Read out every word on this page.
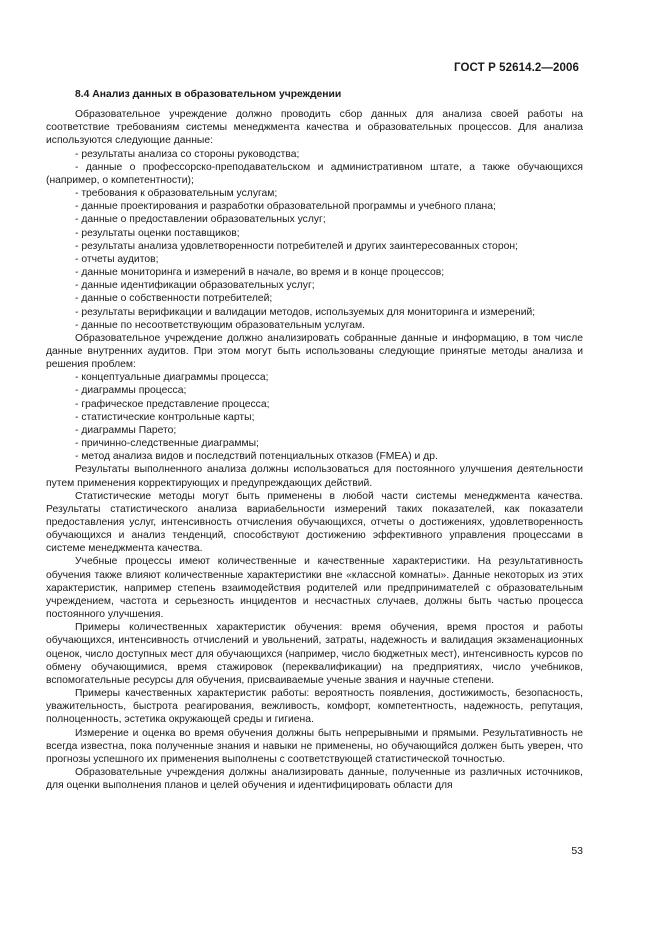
ГОСТ Р 52614.2—2006
8.4 Анализ данных в образовательном учреждении

Образовательное учреждение должно проводить сбор данных для анализа своей работы на соответствие требованиям системы менеджмента качества и образовательных процессов. Для анализа используются следующие данные:

- результаты анализа со стороны руководства;

- данные о профессорско-преподавательском и административном штате, а также обучающихся (например, о компетентности);

- требования к образовательным услугам;

- данные проектирования и разработки образовательной программы и учебного плана;

- данные о предоставлении образовательных услуг;

- результаты оценки поставщиков;

- результаты анализа удовлетворенности потребителей и других заинтересованных сторон;

- отчеты аудитов;

- данные мониторинга и измерений в начале, во время и в конце процессов;

- данные идентификации образовательных услуг;

- данные о собственности потребителей;

- результаты верификации и валидации методов, используемых для мониторинга и измерений;

- данные по несоответствующим образовательным услугам.

Образовательное учреждение должно анализировать собранные данные и информацию, в том числе данные внутренних аудитов. При этом могут быть использованы следующие принятые методы анализа и решения проблем:

- концептуальные диаграммы процесса;

- диаграммы процесса;

- графическое представление процесса;

- статистические контрольные карты;

- диаграммы Парето;

- причинно-следственные диаграммы;

- метод анализа видов и последствий потенциальных отказов (FMEA) и др.

Результаты выполненного анализа должны использоваться для постоянного улучшения деятельности путем применения корректирующих и предупреждающих действий.

Статистические методы могут быть применены в любой части системы менеджмента качества. Результаты статистического анализа вариабельности измерений таких показателей, как показатели предоставления услуг, интенсивность отчисления обучающихся, отчеты о достижениях, удовлетворенность обучающихся и анализ тенденций, способствуют достижению эффективного управления процессами в системе менеджмента качества.

Учебные процессы имеют количественные и качественные характеристики. На результативность обучения также влияют количественные характеристики вне «классной комнаты». Данные некоторых из этих характеристик, например степень взаимодействия родителей или предпринимателей с образовательным учреждением, частота и серьезность инцидентов и несчастных случаев, должны быть частью процесса постоянного улучшения.

Примеры количественных характеристик обучения: время обучения, время простоя и работы обучающихся, интенсивность отчислений и увольнений, затраты, надежность и валидация экзаменационных оценок, число доступных мест для обучающихся (например, число бюджетных мест), интенсивность курсов по обмену обучающимися, время стажировок (переквалификации) на предприятиях, число учебников, вспомогательные ресурсы для обучения, присваиваемые ученые звания и научные степени.

Примеры качественных характеристик работы: вероятность появления, достижимость, безопасность, уважительность, быстрота реагирования, вежливость, комфорт, компетентность, надежность, репутация, полноценность, эстетика окружающей среды и гигиена.

Измерение и оценка во время обучения должны быть непрерывными и прямыми. Результативность не всегда известна, пока полученные знания и навыки не применены, но обучающийся должен быть уверен, что прогнозы успешного их применения выполнены с соответствующей статистической точностью.

Образовательные учреждения должны анализировать данные, полученные из различных источников, для оценки выполнения планов и целей обучения и идентифицировать области для

53
